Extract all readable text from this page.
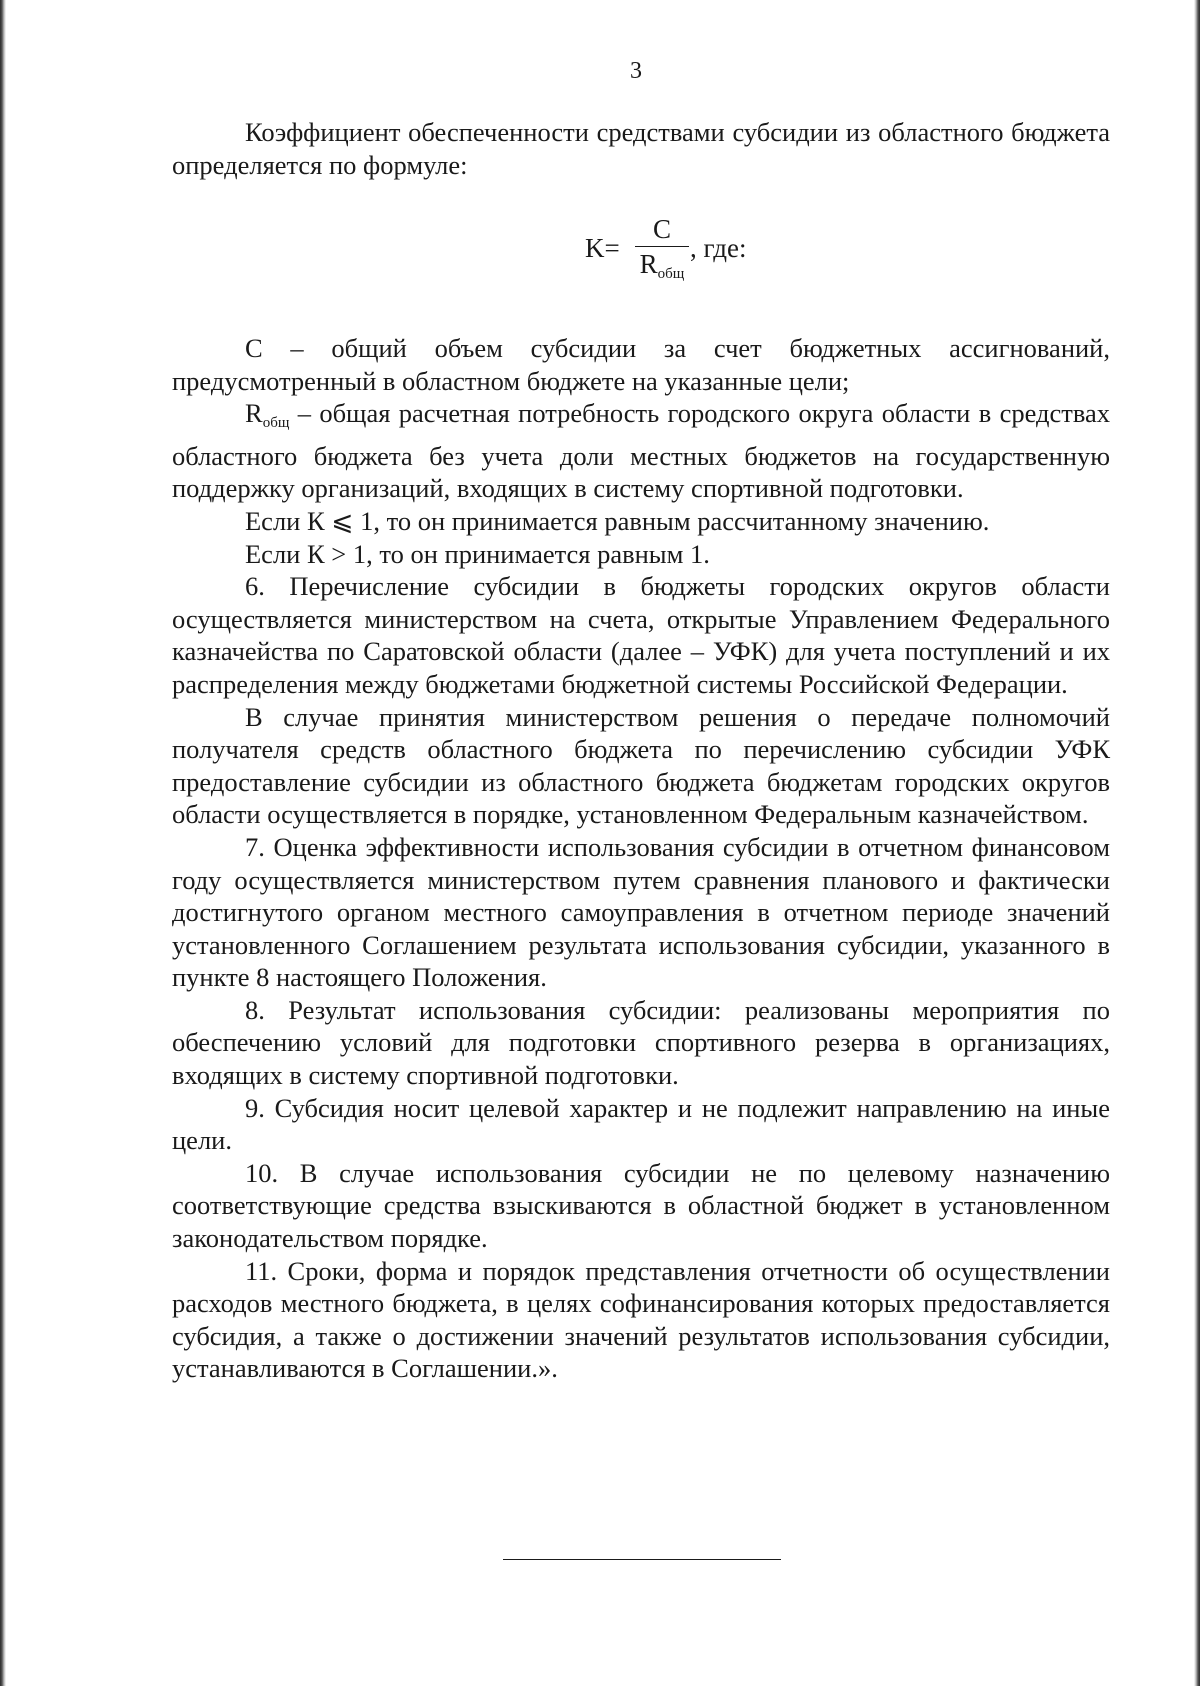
3

Коэффициент обеспеченности средствами субсидии из областного бюджета определяется по формуле:

K=
C
$R_{общ}$
, где:

C – общий объем субсидии за счет бюджетных ассигнований, предусмотренный в областном бюджете на указанные цели;

$R_{общ}$ – общая расчетная потребность городского округа области в средствах областного бюджета без учета доли местных бюджетов на государственную поддержку организаций, входящих в систему спортивной подготовки.

Если К ⩽ 1, то он принимается равным рассчитанному значению.

Если К > 1, то он принимается равным 1.

6. Перечисление субсидии в бюджеты городских округов области осуществляется министерством на счета, открытые Управлением Федерального казначейства по Саратовской области (далее – УФК) для учета поступлений и их распределения между бюджетами бюджетной системы Российской Федерации.

В случае принятия министерством решения о передаче полномочий получателя средств областного бюджета по перечислению субсидии УФК предоставление субсидии из областного бюджета бюджетам городских округов области осуществляется в порядке, установленном Федеральным казначейством.

7. Оценка эффективности использования субсидии в отчетном финансовом году осуществляется министерством путем сравнения планового и фактически достигнутого органом местного самоуправления в отчетном периоде значений установленного Соглашением результата использования субсидии, указанного в пункте 8 настоящего Положения.

8. Результат использования субсидии: реализованы мероприятия по обеспечению условий для подготовки спортивного резерва в организациях, входящих в систему спортивной подготовки.

9. Субсидия носит целевой характер и не подлежит направлению на иные цели.

10. В случае использования субсидии не по целевому назначению соответствующие средства взыскиваются в областной бюджет в установленном законодательством порядке.

11. Сроки, форма и порядок представления отчетности об осуществлении расходов местного бюджета, в целях софинансирования которых предоставляется субсидия, а также о достижении значений результатов использования субсидии, устанавливаются в Соглашении.».
